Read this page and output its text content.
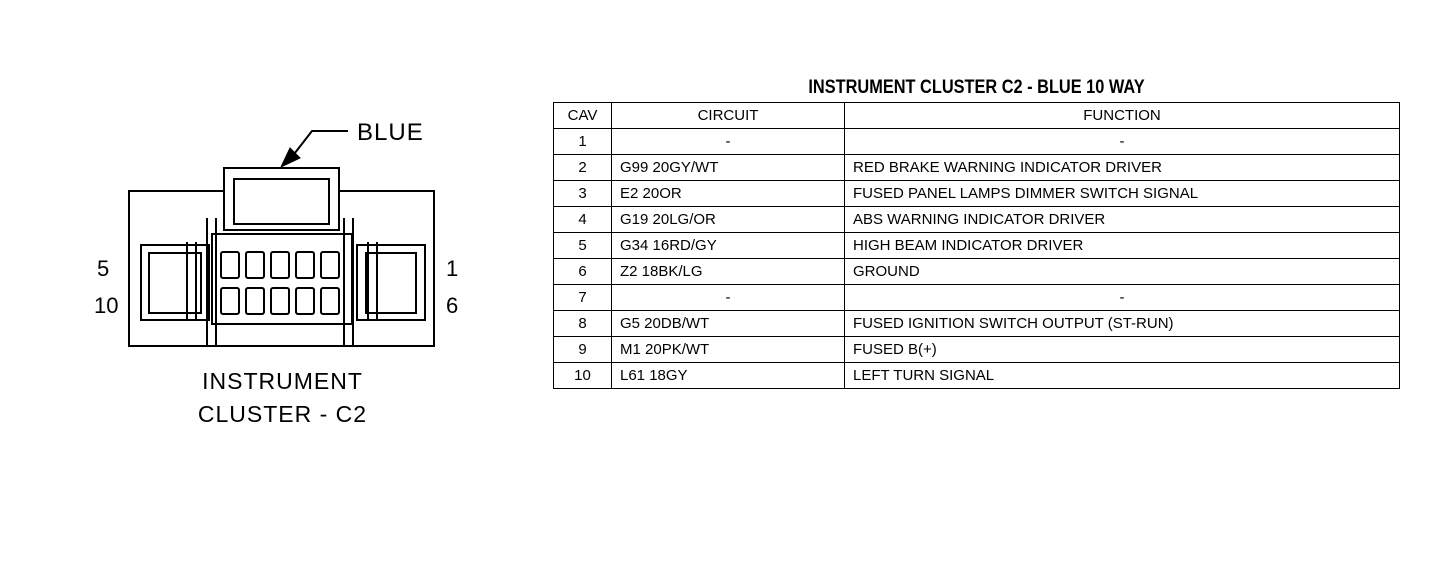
BLUE
5
10
1
6
INSTRUMENT
CLUSTER - C2
INSTRUMENT CLUSTER C2 - BLUE 10 WAY
CAV	CIRCUIT	FUNCTION
1	-	-
2	G99 20GY/WT	RED BRAKE WARNING INDICATOR DRIVER
3	E2 20OR	FUSED PANEL LAMPS DIMMER SWITCH SIGNAL
4	G19 20LG/OR	ABS WARNING INDICATOR DRIVER
5	G34 16RD/GY	HIGH BEAM INDICATOR DRIVER
6	Z2 18BK/LG	GROUND
7	-	-
8	G5 20DB/WT	FUSED IGNITION SWITCH OUTPUT (ST-RUN)
9	M1 20PK/WT	FUSED B(+)
10	L61 18GY	LEFT TURN SIGNAL
